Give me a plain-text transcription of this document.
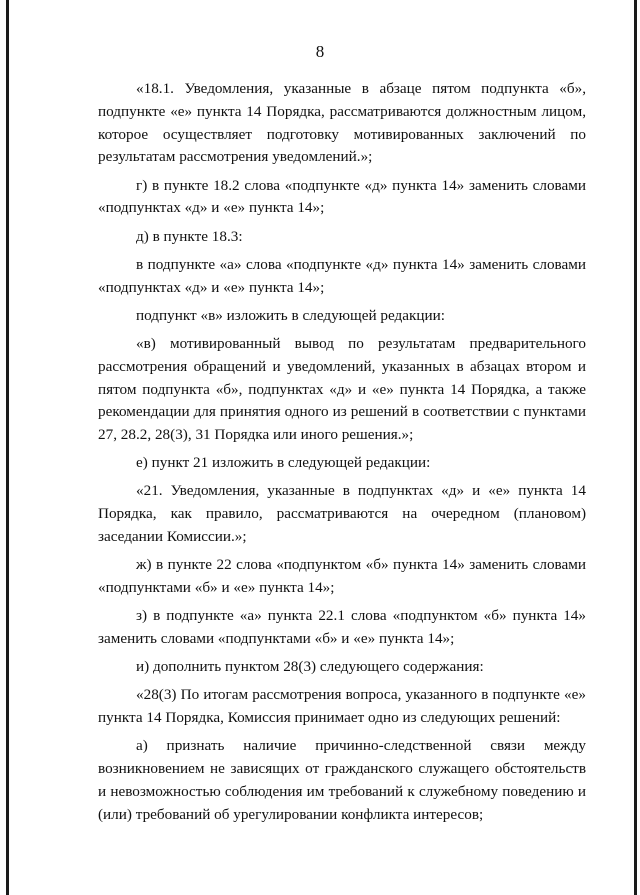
8

«18.1. Уведомления, указанные в абзаце пятом подпункта «б», подпункте «е» пункта 14 Порядка, рассматриваются должностным лицом, которое осуществляет подготовку мотивированных заключений по результатам рассмотрения уведомлений.»;

г) в пункте 18.2 слова «подпункте «д» пункта 14» заменить словами «подпунктах «д» и «е» пункта 14»;

д) в пункте 18.3:

в подпункте «а» слова «подпункте «д» пункта 14» заменить словами «подпунктах «д» и «е» пункта 14»;

подпункт «в» изложить в следующей редакции:

«в) мотивированный вывод по результатам предварительного рассмотрения обращений и уведомлений, указанных в абзацах втором и пятом подпункта «б», подпунктах «д» и «е» пункта 14 Порядка, а также рекомендации для принятия одного из решений в соответствии с пунктами 27, 28.2, 28(3), 31 Порядка или иного решения.»;

е) пункт 21 изложить в следующей редакции:

«21. Уведомления, указанные в подпунктах «д» и «е» пункта 14 Порядка, как правило, рассматриваются на очередном (плановом) заседании Комиссии.»;

ж) в пункте 22 слова «подпунктом «б» пункта 14» заменить словами «подпунктами «б» и «е» пункта 14»;

з) в подпункте «а» пункта 22.1 слова «подпунктом «б» пункта 14» заменить словами «подпунктами «б» и «е» пункта 14»;

и) дополнить пунктом 28(3) следующего содержания:

«28(3) По итогам рассмотрения вопроса, указанного в подпункте «е» пункта 14 Порядка, Комиссия принимает одно из следующих решений:

а) признать наличие причинно-следственной связи между возникновением не зависящих от гражданского служащего обстоятельств и невозможностью соблюдения им требований к служебному поведению и (или) требований об урегулировании конфликта интересов;
